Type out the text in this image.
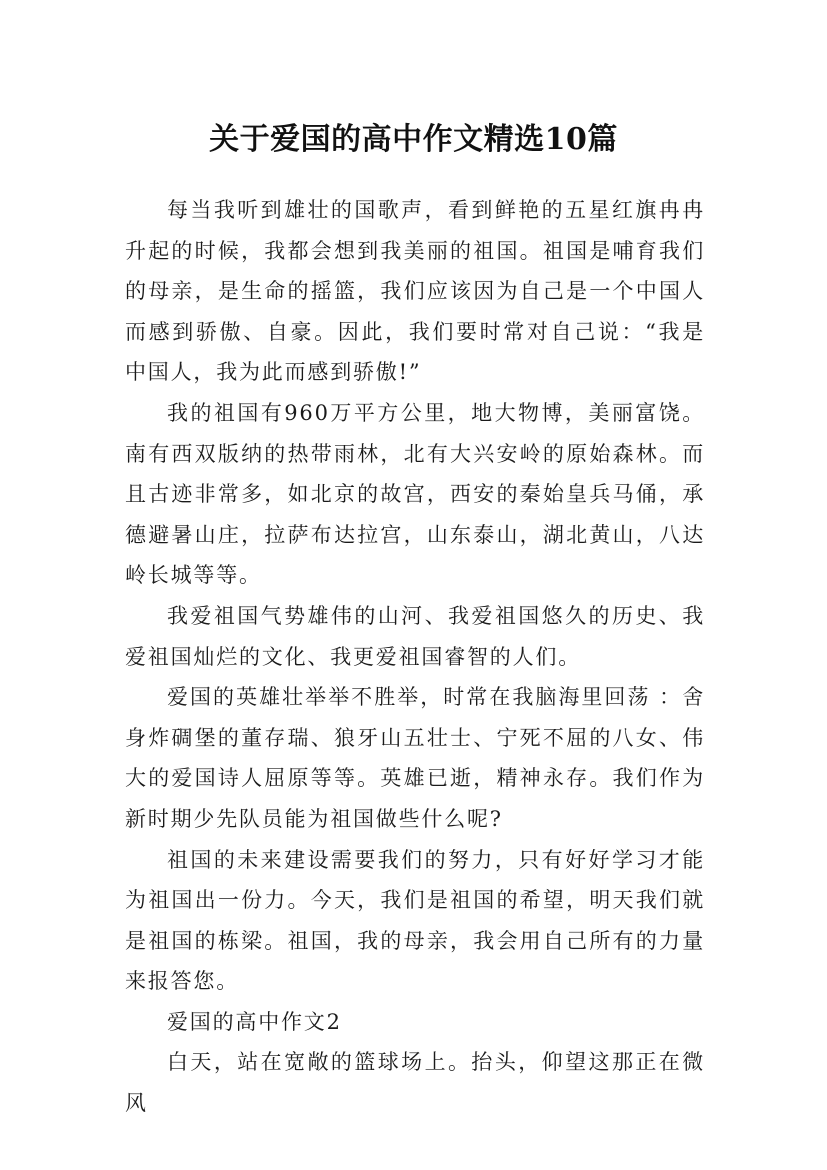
关于爱国的高中作文精选10篇

每当我听到雄壮的国歌声，看到鲜艳的五星红旗冉冉升起的时候，我都会想到我美丽的祖国。祖国是哺育我们的母亲，是生命的摇篮，我们应该因为自己是一个中国人而感到骄傲、自豪。因此，我们要时常对自己说：“我是中国人，我为此而感到骄傲!”

我的祖国有960万平方公里，地大物博，美丽富饶。南有西双版纳的热带雨林，北有大兴安岭的原始森林。而且古迹非常多，如北京的故宫，西安的秦始皇兵马俑，承德避暑山庄，拉萨布达拉宫，山东泰山，湖北黄山，八达岭长城等等。

我爱祖国气势雄伟的山河、我爱祖国悠久的历史、我爱祖国灿烂的文化、我更爱祖国睿智的人们。

爱国的英雄壮举举不胜举，时常在我脑海里回荡 ：舍身炸碉堡的董存瑞、狼牙山五壮士、宁死不屈的八女、伟大的爱国诗人屈原等等。英雄已逝，精神永存。我们作为新时期少先队员能为祖国做些什么呢?

祖国的未来建设需要我们的努力，只有好好学习才能为祖国出一份力。今天，我们是祖国的希望，明天我们就是祖国的栋梁。祖国，我的母亲，我会用自己所有的力量来报答您。

爱国的高中作文2

白天，站在宽敞的篮球场上。抬头，仰望这那正在微风
